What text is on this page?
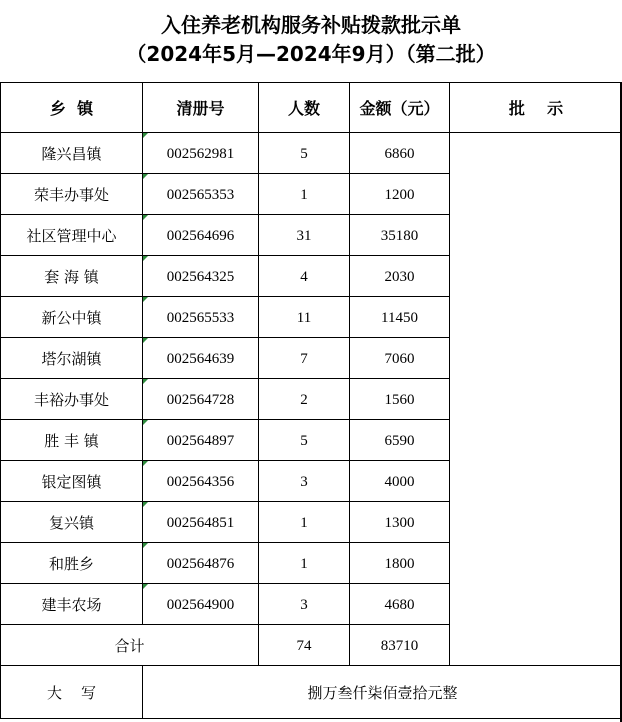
入住养老机构服务补贴拨款批示单
（2024年5月—2024年9月）（第二批）
乡  镇	清册号	人数	金额（元）	批    示
隆兴昌镇	002562981	5	6860	
荣丰办事处	002565353	1	1200	
社区管理中心	002564696	31	35180	
套 海 镇	002564325	4	2030	
新公中镇	002565533	11	11450	
塔尔湖镇	002564639	7	7060	
丰裕办事处	002564728	2	1560	
胜 丰 镇	002564897	5	6590	
银定图镇	002564356	3	4000	
复兴镇	002564851	1	1300	
和胜乡	002564876	1	1800	
建丰农场	002564900	3	4680	
合计		74	83710	
大    写	捌万叁仟柒佰壹拾元整			
